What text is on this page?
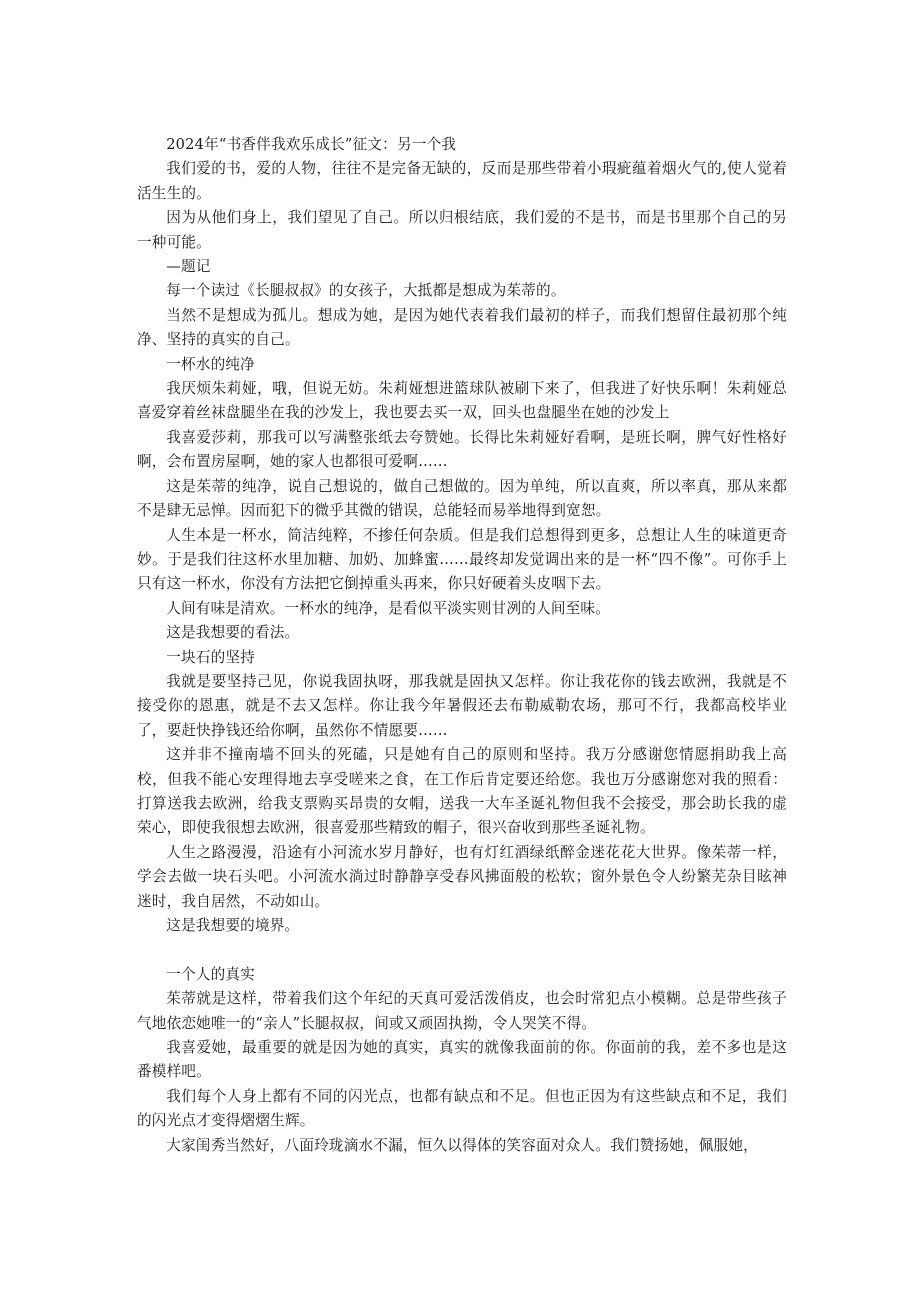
2024年“书香伴我欢乐成长”征文：另一个我

我们爱的书，爱的人物，往往不是完备无缺的，反而是那些带着小瑕疵蕴着烟火气的,使人觉着活生生的。

因为从他们身上，我们望见了自己。所以归根结底，我们爱的不是书，而是书里那个自己的另一种可能。

—题记

每一个读过《长腿叔叔》的女孩子，大抵都是想成为茱蒂的。

当然不是想成为孤儿。想成为她，是因为她代表着我们最初的样子，而我们想留住最初那个纯净、坚持的真实的自己。

一杯水的纯净

我厌烦朱莉娅，哦，但说无妨。朱莉娅想进篮球队被刷下来了，但我进了好快乐啊！朱莉娅总喜爱穿着丝袜盘腿坐在我的沙发上，我也要去买一双，回头也盘腿坐在她的沙发上

我喜爱莎莉，那我可以写满整张纸去夸赞她。长得比朱莉娅好看啊，是班长啊，脾气好性格好啊，会布置房屋啊，她的家人也都很可爱啊……

这是茱蒂的纯净，说自己想说的，做自己想做的。因为单纯，所以直爽，所以率真，那从来都不是肆无忌惮。因而犯下的微乎其微的错误，总能轻而易举地得到宽恕。

人生本是一杯水，简洁纯粹，不掺任何杂质。但是我们总想得到更多，总想让人生的味道更奇妙。于是我们往这杯水里加糖、加奶、加蜂蜜……最终却发觉调出来的是一杯“四不像”。可你手上只有这一杯水，你没有方法把它倒掉重头再来，你只好硬着头皮咽下去。

人间有味是清欢。一杯水的纯净，是看似平淡实则甘冽的人间至味。

这是我想要的看法。

一块石的坚持

我就是要坚持己见，你说我固执呀，那我就是固执又怎样。你让我花你的钱去欧洲，我就是不接受你的恩惠，就是不去又怎样。你让我今年暑假还去布勒威勒农场，那可不行，我都高校毕业了，要赶快挣钱还给你啊，虽然你不情愿要……

这并非不撞南墙不回头的死磕，只是她有自己的原则和坚持。我万分感谢您情愿捐助我上高校，但我不能心安理得地去享受嗟来之食，在工作后肯定要还给您。我也万分感谢您对我的照看：打算送我去欧洲，给我支票购买昂贵的女帽，送我一大车圣诞礼物但我不会接受，那会助长我的虚荣心，即使我很想去欧洲，很喜爱那些精致的帽子，很兴奋收到那些圣诞礼物。

人生之路漫漫，沿途有小河流水岁月静好，也有灯红酒绿纸醉金迷花花大世界。像茱蒂一样，学会去做一块石头吧。小河流水淌过时静静享受春风拂面般的松软；窗外景色令人纷繁芜杂目眩神迷时，我自居然，不动如山。

这是我想要的境界。

一个人的真实

茱蒂就是这样，带着我们这个年纪的天真可爱活泼俏皮，也会时常犯点小模糊。总是带些孩子气地依恋她唯一的“亲人”长腿叔叔，间或又顽固执拗，令人哭笑不得。

我喜爱她，最重要的就是因为她的真实，真实的就像我面前的你。你面前的我，差不多也是这番模样吧。

我们每个人身上都有不同的闪光点，也都有缺点和不足。但也正因为有这些缺点和不足，我们的闪光点才变得熠熠生辉。

大家闺秀当然好，八面玲珑滴水不漏，恒久以得体的笑容面对众人。我们赞扬她，佩服她，
